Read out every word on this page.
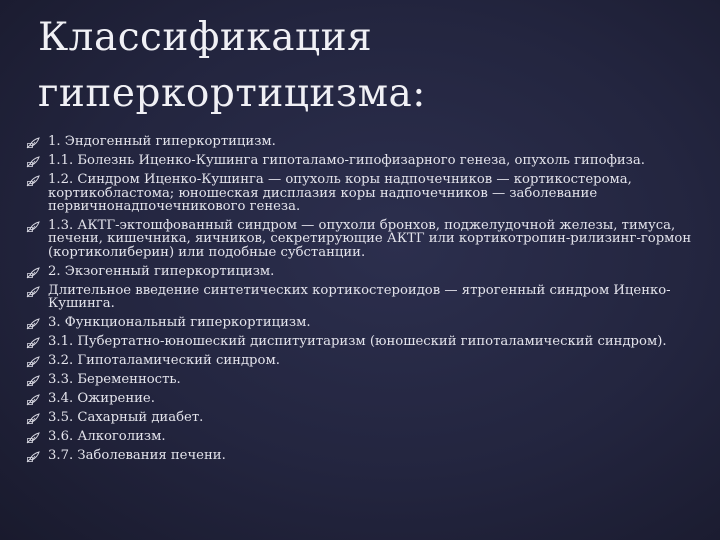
Классификация
гиперкортицизма:
1. Эндогенный гиперкортицизм.
1.1. Болезнь Иценко-Кушинга гипоталамо-гипофизарного генеза, опухоль гипофиза.
1.2. Синдром Иценко-Кушинга — опухоль коры надпочечников — кортикостерома, кортикобластома; юношеская дисплазия коры надпочечников — заболевание первичнонадпочечникового генеза.
1.3. АКТГ-эктошфованный синдром — опухоли бронхов, поджелудочной железы, тимуса, печени, кишечника, яичников, секретирующие АКТГ или кортикотропин-рилизинг-гормон (кортиколиберин) или подобные субстанции.
2. Экзогенный гиперкортицизм.
Длительное введение синтетических кортикостероидов — ятрогенный синдром Иценко-Кушинга.
3. Функциональный гиперкортицизм.
3.1. Пубертатно-юношеский диспитуитаризм (юношеский гипоталамический синдром).
3.2. Гипоталамический синдром.
3.3. Беременность.
3.4. Ожирение.
3.5. Сахарный диабет.
3.6. Алкоголизм.
3.7. Заболевания печени.
